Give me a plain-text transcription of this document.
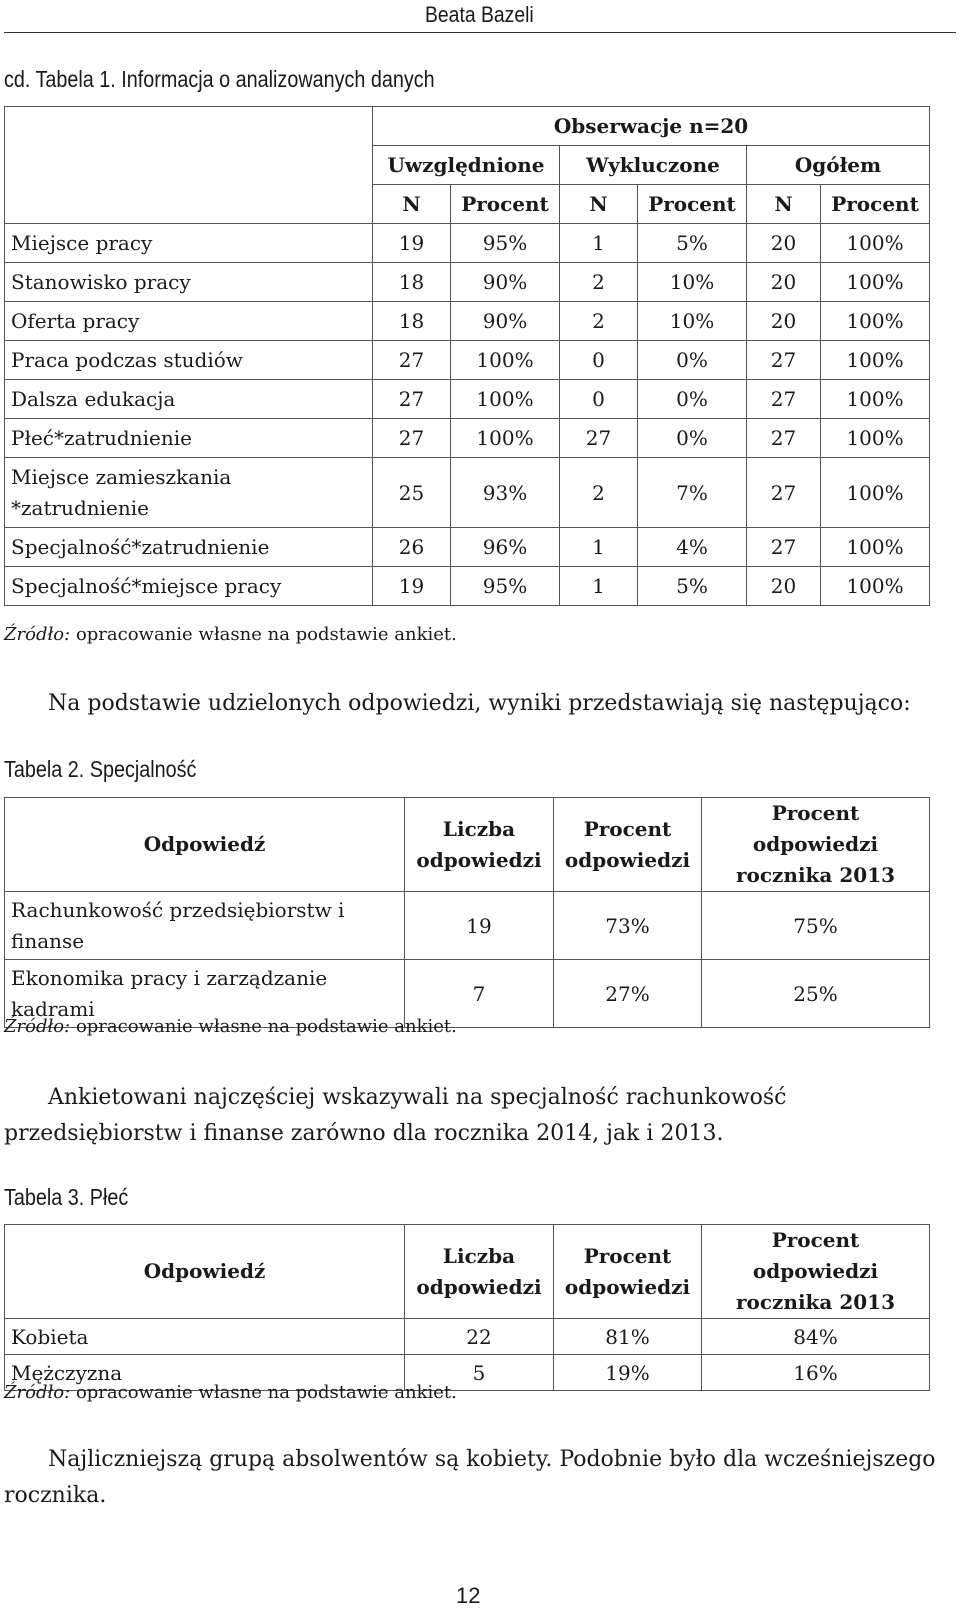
Beata Bazeli
cd. Tabela 1. Informacja o analizowanych danych
	Obserwacje n=20					
	Uwzględnione		Wykluczone		Ogółem	
	N	Procent	N	Procent	N	Procent
Miejsce pracy	19	95%	1	5%	20	100%
Stanowisko pracy	18	90%	2	10%	20	100%
Oferta pracy	18	90%	2	10%	20	100%
Praca podczas studiów	27	100%	0	0%	27	100%
Dalsza edukacja	27	100%	0	0%	27	100%
Płeć*zatrudnienie	27	100%	27	0%	27	100%
Miejsce zamieszkania *zatrudnienie	25	93%	2	7%	27	100%
Specjalność*zatrudnienie	26	96%	1	4%	27	100%
Specjalność*miejsce pracy	19	95%	1	5%	20	100%
Źródło: opracowanie własne na podstawie ankiet.
Na podstawie udzielonych odpowiedzi, wyniki przedstawiają się następująco:
Tabela 2. Specjalność
Odpowiedź	Liczba odpowiedzi	Procent odpowiedzi	Procent odpowiedzi rocznika 2013
Rachunkowość przedsiębiorstw i finanse	19	73%	75%
Ekonomika pracy i zarządzanie kadrami	7	27%	25%
Źródło: opracowanie własne na podstawie ankiet.
Ankietowani najczęściej wskazywali na specjalność rachunkowość przedsiębiorstw i finanse zarówno dla rocznika 2014, jak i 2013.
Tabela 3. Płeć
Odpowiedź	Liczba odpowiedzi	Procent odpowiedzi	Procent odpowiedzi rocznika 2013
Kobieta	22	81%	84%
Mężczyzna	5	19%	16%
Źródło: opracowanie własne na podstawie ankiet.
Najliczniejszą grupą absolwentów są kobiety. Podobnie było dla wcześniejszego rocznika.
12
